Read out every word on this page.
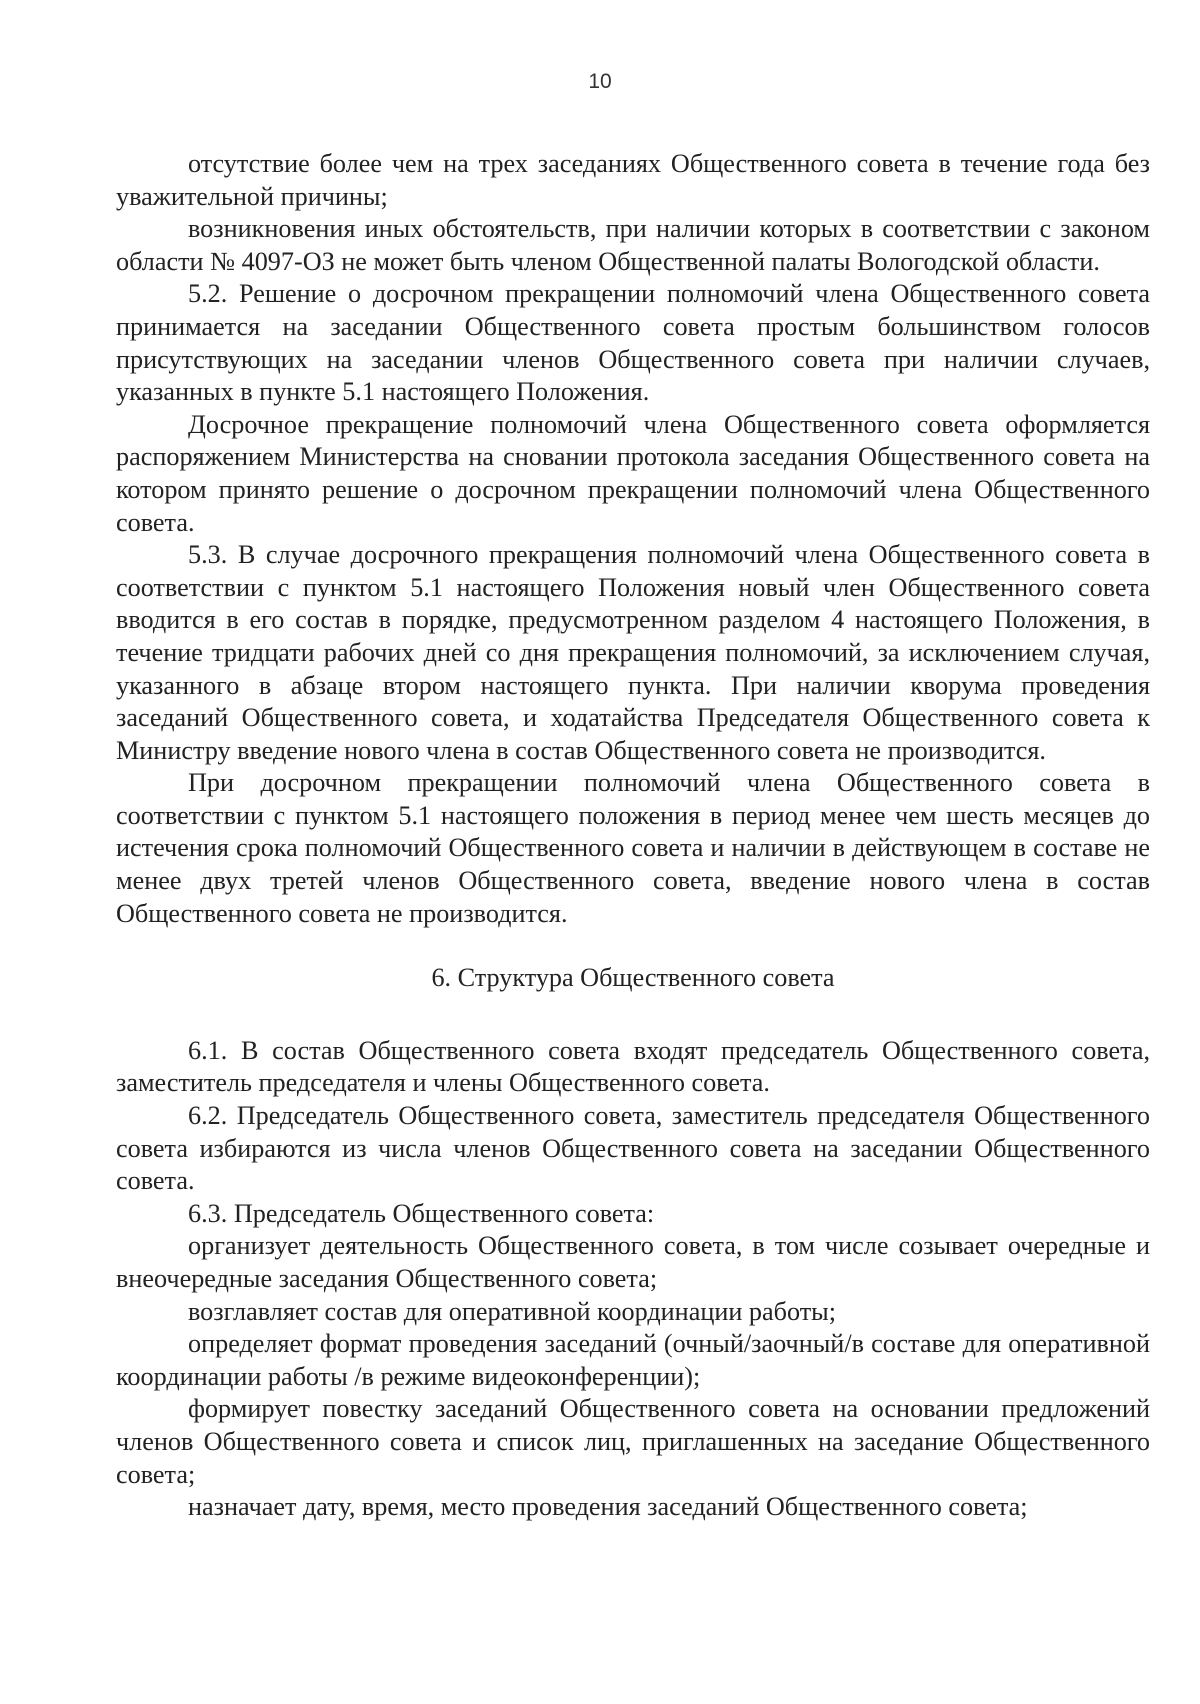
10

отсутствие более чем на трех заседаниях Общественного совета в течение года без уважительной причины;

возникновения иных обстоятельств, при наличии которых в соответствии с законом области № 4097-ОЗ не может быть членом Общественной палаты Вологодской области.

5.2. Решение о досрочном прекращении полномочий члена Общественного совета принимается на заседании Общественного совета простым большинством голосов присутствующих на заседании членов Общественного совета при наличии случаев, указанных в пункте 5.1 настоящего Положения.

Досрочное прекращение полномочий члена Общественного совета оформляется распоряжением Министерства на сновании протокола заседания Общественного совета на котором принято решение о досрочном прекращении полномочий члена Общественного совета.

5.3. В случае досрочного прекращения полномочий члена Общественного совета в соответствии с пунктом 5.1 настоящего Положения новый член Общественного совета вводится в его состав в порядке, предусмотренном разделом 4 настоящего Положения, в течение тридцати рабочих дней со дня прекращения полномочий, за исключением случая, указанного в абзаце втором настоящего пункта. При наличии кворума проведения заседаний Общественного совета, и ходатайства Председателя Общественного совета к Министру введение нового члена в состав Общественного совета не производится.

При досрочном прекращении полномочий члена Общественного совета в соответствии с пунктом 5.1 настоящего положения в период менее чем шесть месяцев до истечения срока полномочий Общественного совета и наличии в действующем в составе не менее двух третей членов Общественного совета, введение нового члена в состав Общественного совета не производится.

6. Структура Общественного совета

6.1. В состав Общественного совета входят председатель Общественного совета, заместитель председателя и члены Общественного совета.

6.2. Председатель Общественного совета, заместитель председателя Общественного совета избираются из числа членов Общественного совета на заседании Общественного совета.

6.3. Председатель Общественного совета:

организует деятельность Общественного совета, в том числе созывает очередные и внеочередные заседания Общественного совета;

возглавляет состав для оперативной координации работы;

определяет формат проведения заседаний (очный/заочный/в составе для оперативной координации работы /в режиме видеоконференции);

формирует повестку заседаний Общественного совета на основании предложений членов Общественного совета и список лиц, приглашенных на заседание Общественного совета;

назначает дату, время, место проведения заседаний Общественного совета;
